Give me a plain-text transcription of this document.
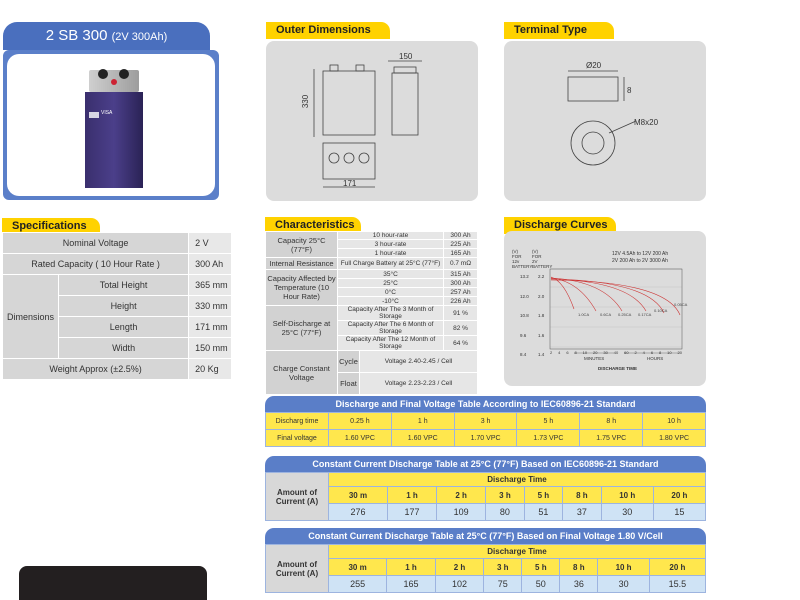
2 SB 300 (2V 300Ah)
VISA
Outer Dimensions
330
150
171
Terminal Type
Ø20
8
M8x20
Specifications
Nominal Voltage		2 V
Rated Capacity ( 10 Hour Rate )		300 Ah
Dimensions	Total Height	365 mm
	Height	330 mm
	Length	171 mm
	Width	150 mm
Weight Approx (±2.5%)		20 Kg
Characteristics
Capacity 25°C (77°F)	10 hour-rate		300 Ah
	3 hour-rate		225 Ah
	1 hour-rate		165 Ah
Internal Resistance	Full Charge Battery at 25°C (77°F)		0.7 mΩ
Capacity Affected by Temperature (10 Hour Rate)	35°C		315 Ah
	25°C		300 Ah
	0°C		257 Ah
	-10°C		226 Ah
Self-Discharge at 25°C (77°F)	Capacity After The 3 Month of Storage		91 %
	Capacity After The 6 Month of Storage		82 %
	Capacity After The 12 Month of Storage		64 %
Charge Constant Voltage	Cycle	Voltage 2.40-2.45 / Cell	
	Float	Voltage 2.23-2.23 / Cell	
Discharge Curves
(V) FOR 12v BATTERY
(V) FOR 2V BATTERY
12V 4.5Ah to 12V 200 Ah
2V 200 Ah to 2V 3000 Ah
13.2
12.0
10.8
9.6
8.4
2.2
2.0
1.8
1.6
1.4	2 4 6 8 10 20 30 40 60 2 4 6 8 10 20
1.0CA	0.6CA 0.25CA 0.17CA
0.10CA
0.05CA
MINUTES	HOURS
DISCHARGE TIME
Discharge and Final Voltage Table According to IEC60896-21 Standard
Discharg time	0.25 h	1 h	3 h	5 h	8 h	10 h
Final voltage	1.60 VPC	1.60 VPC	1.70 VPC	1.73 VPC	1.75 VPC	1.80 VPC
Constant Current Discharge Table at 25°C (77°F) Based on IEC60896-21 Standard
Amount of Current (A)	Discharge Time							
	30 m	1 h	2 h	3 h	5 h	8 h	10 h	20 h
	276	177	109	80	51	37	30	15
Constant Current Discharge Table at 25°C (77°F) Based on Final Voltage 1.80 V/Cell
Amount of Current (A)	Discharge Time							
	30 m	1 h	2 h	3 h	5 h	8 h	10 h	20 h
	255	165	102	75	50	36	30	15.5
